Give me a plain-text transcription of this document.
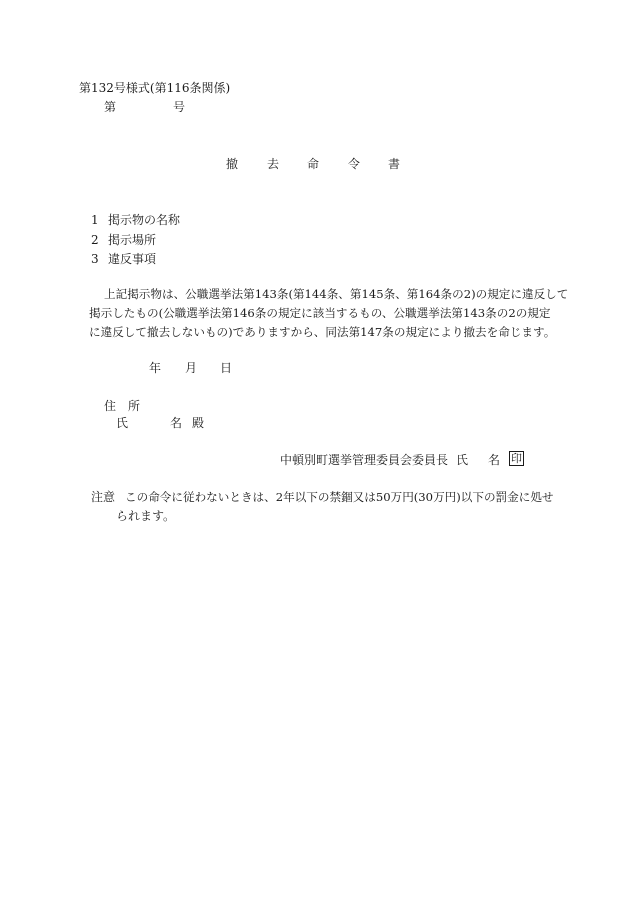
第132号様式(第116条関係)
第	号
撤 去 命 令 書
1 掲示物の名称
2 掲示場所
3 違反事項
上記掲示物は、公職選挙法第143条(第144条、第145条、第164条の2)の規定に違反して
掲示したもの(公職選挙法第146条の規定に該当するもの、公職選挙法第143条の2の規定
に違反して撤去しないもの)でありますから、同法第147条の規定により撤去を命じます。
年 月 日
住　所
氏	名 殿
中頓別町選挙管理委員会委員長 氏 名 印
注意 この命令に従わないときは、2年以下の禁錮又は50万円(30万円)以下の罰金に処せ
られます。
